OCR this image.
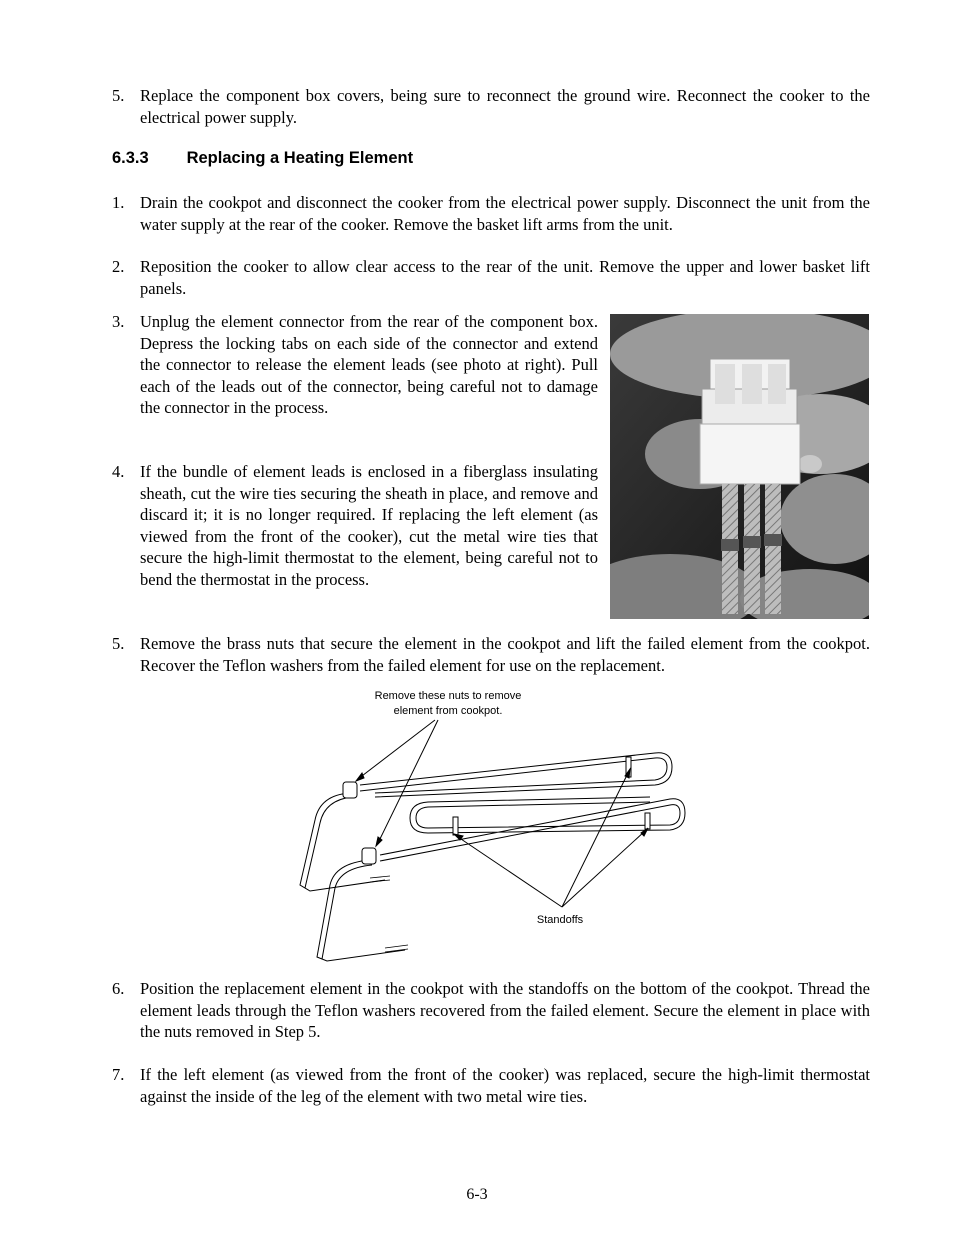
5. Replace the component box covers, being sure to reconnect the ground wire. Reconnect the cooker to the electrical power supply.
6.3.3 Replacing a Heating Element
1. Drain the cookpot and disconnect the cooker from the electrical power supply. Disconnect the unit from the water supply at the rear of the cooker. Remove the basket lift arms from the unit.
2. Reposition the cooker to allow clear access to the rear of the unit. Remove the upper and lower basket lift panels.
3. Unplug the element connector from the rear of the component box. Depress the locking tabs on each side of the connector and extend the connector to release the element leads (see photo at right). Pull each of the leads out of the connector, being careful not to damage the connector in the process.
4. If the bundle of element leads is enclosed in a fiberglass insulating sheath, cut the wire ties securing the sheath in place, and remove and discard it; it is no longer required. If replacing the left element (as viewed from the front of the cooker), cut the metal wire ties that secure the high-limit thermostat to the element, being careful not to bend the thermostat in the process.
5. Remove the brass nuts that secure the element in the cookpot and lift the failed element from the cookpot. Recover the Teflon washers from the failed element for use on the replacement.
Remove these nuts to remove
element from cookpot.
Standoffs
6. Position the replacement element in the cookpot with the standoffs on the bottom of the cookpot. Thread the element leads through the Teflon washers recovered from the failed element. Secure the element in place with the nuts removed in Step 5.
7. If the left element (as viewed from the front of the cooker) was replaced, secure the high-limit thermostat against the inside of the leg of the element with two metal wire ties.
6-3
